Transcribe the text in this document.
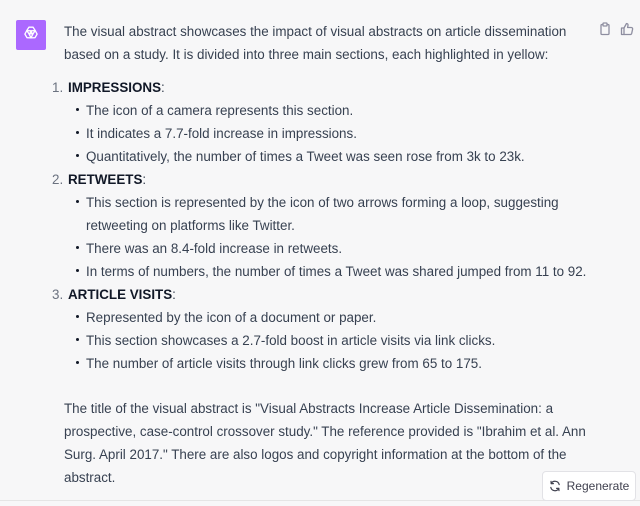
The visual abstract showcases the impact of visual abstracts on article dissemination based on a study. It is divided into three main sections, each highlighted in yellow:

1. IMPRESSIONS:
The icon of a camera represents this section.
It indicates a 7.7-fold increase in impressions.
Quantitatively, the number of times a Tweet was seen rose from 3k to 23k.
2. RETWEETS:
This section is represented by the icon of two arrows forming a loop, suggesting retweeting on platforms like Twitter.
There was an 8.4-fold increase in retweets.
In terms of numbers, the number of times a Tweet was shared jumped from 11 to 92.
3. ARTICLE VISITS:
Represented by the icon of a document or paper.
This section showcases a 2.7-fold boost in article visits via link clicks.
The number of article visits through link clicks grew from 65 to 175.

The title of the visual abstract is "Visual Abstracts Increase Article Dissemination: a prospective, case-control crossover study." The reference provided is "Ibrahim et al. Ann Surg. April 2017." There are also logos and copyright information at the bottom of the abstract.

Regenerate
